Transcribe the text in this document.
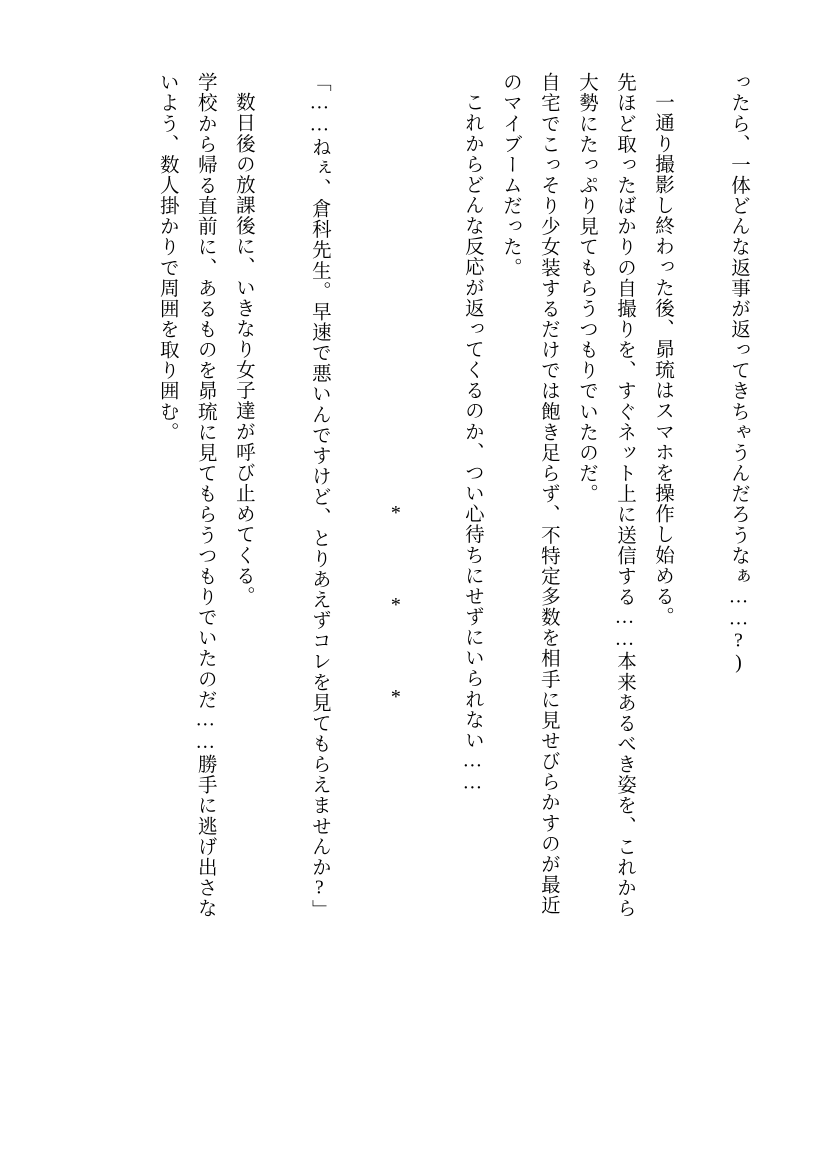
ったら、一体どんな返事が返ってきちゃうんだろうなぁ……?)

一通り撮影し終わった後、昴琉はスマホを操作し始める。
先ほど取ったばかりの自撮りを、すぐネット上に送信する……本来あるべき姿を、これから
大勢にたっぷり見てもらうつもりでいたのだ。
自宅でこっそり少女装するだけでは飽き足らず、不特定多数を相手に見せびらかすのが最近
のマイブームだった。
これからどんな反応が返ってくるのか、つい心待ちにせずにいられない……

* * *

「……ねぇ、倉科先生。早速で悪いんですけど、とりあえずコレを見てもらえませんか?」

数日後の放課後に、いきなり女子達が呼び止めてくる。
学校から帰る直前に、あるものを昴琉に見てもらうつもりでいたのだ……勝手に逃げ出さな
いよう、数人掛かりで周囲を取り囲む。
